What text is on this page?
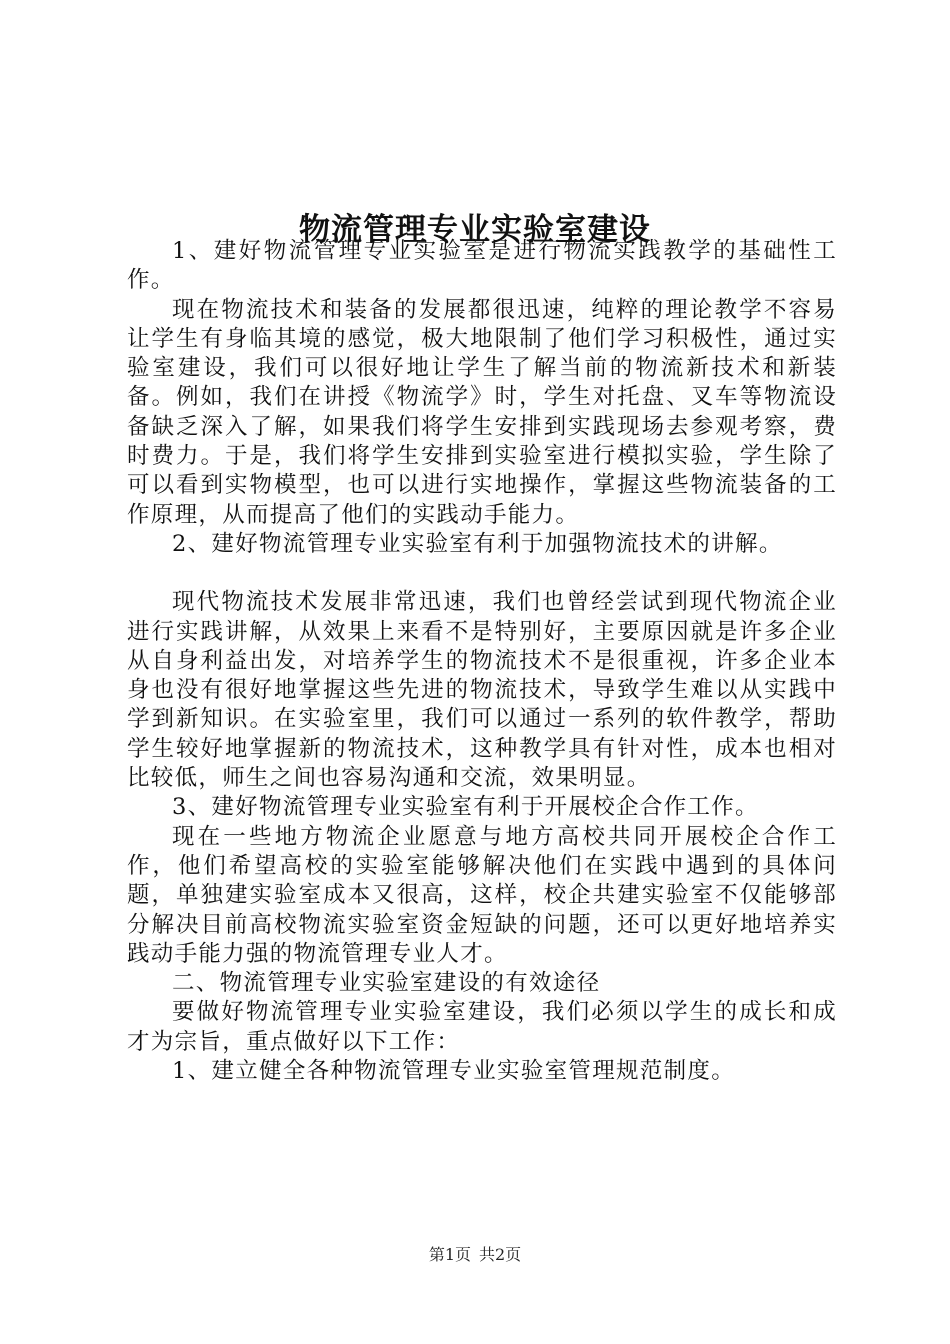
物流管理专业实验室建设

1、建好物流管理专业实验室是进行物流实践教学的基础性工作。

现在物流技术和装备的发展都很迅速，纯粹的理论教学不容易让学生有身临其境的感觉，极大地限制了他们学习积极性，通过实验室建设，我们可以很好地让学生了解当前的物流新技术和新装备。例如，我们在讲授《物流学》时，学生对托盘、叉车等物流设备缺乏深入了解，如果我们将学生安排到实践现场去参观考察，费时费力。于是，我们将学生安排到实验室进行模拟实验，学生除了可以看到实物模型，也可以进行实地操作，掌握这些物流装备的工作原理，从而提高了他们的实践动手能力。

2、建好物流管理专业实验室有利于加强物流技术的讲解。

现代物流技术发展非常迅速，我们也曾经尝试到现代物流企业进行实践讲解，从效果上来看不是特别好，主要原因就是许多企业从自身利益出发，对培养学生的物流技术不是很重视，许多企业本身也没有很好地掌握这些先进的物流技术，导致学生难以从实践中学到新知识。在实验室里，我们可以通过一系列的软件教学，帮助学生较好地掌握新的物流技术，这种教学具有针对性，成本也相对比较低，师生之间也容易沟通和交流，效果明显。

3、建好物流管理专业实验室有利于开展校企合作工作。

现在一些地方物流企业愿意与地方高校共同开展校企合作工作，他们希望高校的实验室能够解决他们在实践中遇到的具体问题，单独建实验室成本又很高，这样，校企共建实验室不仅能够部分解决目前高校物流实验室资金短缺的问题，还可以更好地培养实践动手能力强的物流管理专业人才。

二、物流管理专业实验室建设的有效途径

要做好物流管理专业实验室建设，我们必须以学生的成长和成才为宗旨，重点做好以下工作：

1、建立健全各种物流管理专业实验室管理规范制度。

第1页 共2页
